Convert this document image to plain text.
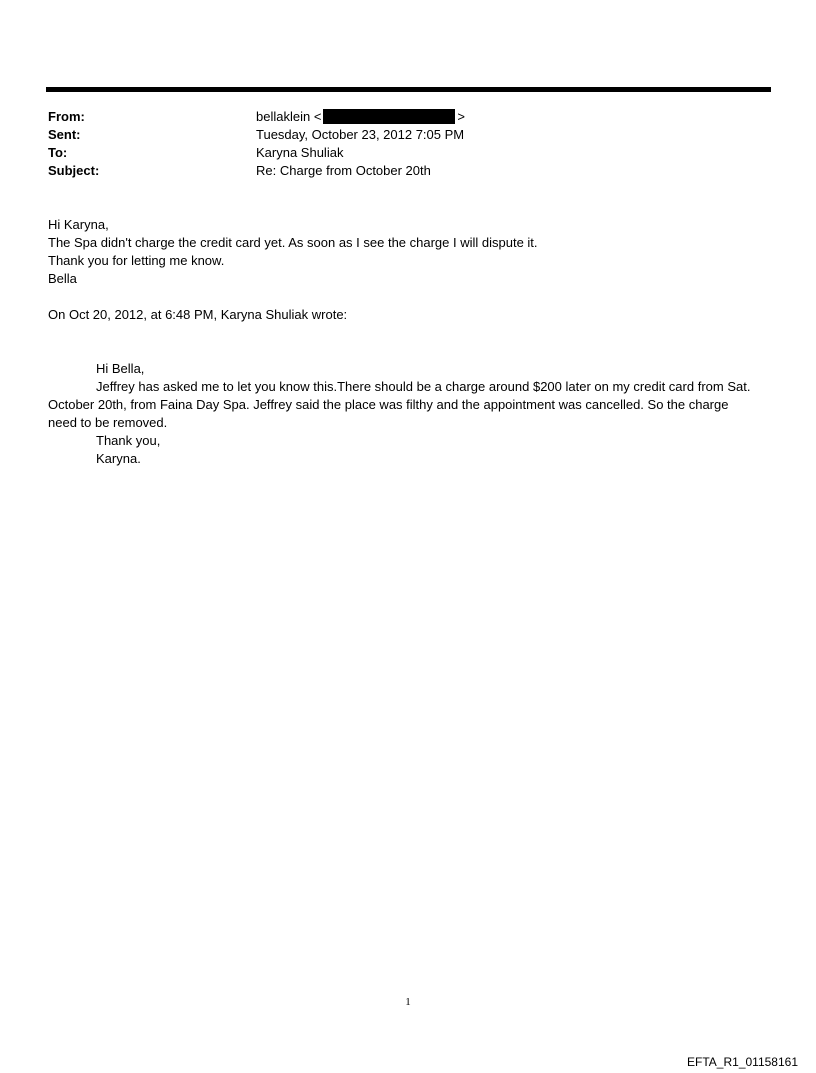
From:	bellaklein <	>
Sent:	Tuesday, October 23, 2012 7:05 PM
To:	Karyna Shuliak
Subject:	Re: Charge from October 20th
Hi Karyna,
The Spa didn't charge the credit card yet. As soon as I see the charge I will dispute it.
Thank you for letting me know.
Bella
On Oct 20, 2012, at 6:48 PM, Karyna Shuliak wrote:
Hi Bella,
Jeffrey has asked me to let you know this.There should be a charge around $200 later on my credit card from Sat. October 20th, from Faina Day Spa. Jeffrey said the place was filthy and the appointment was cancelled. So the charge need to be removed.
Thank you,
Karyna.
1
EFTA_R1_01158161
